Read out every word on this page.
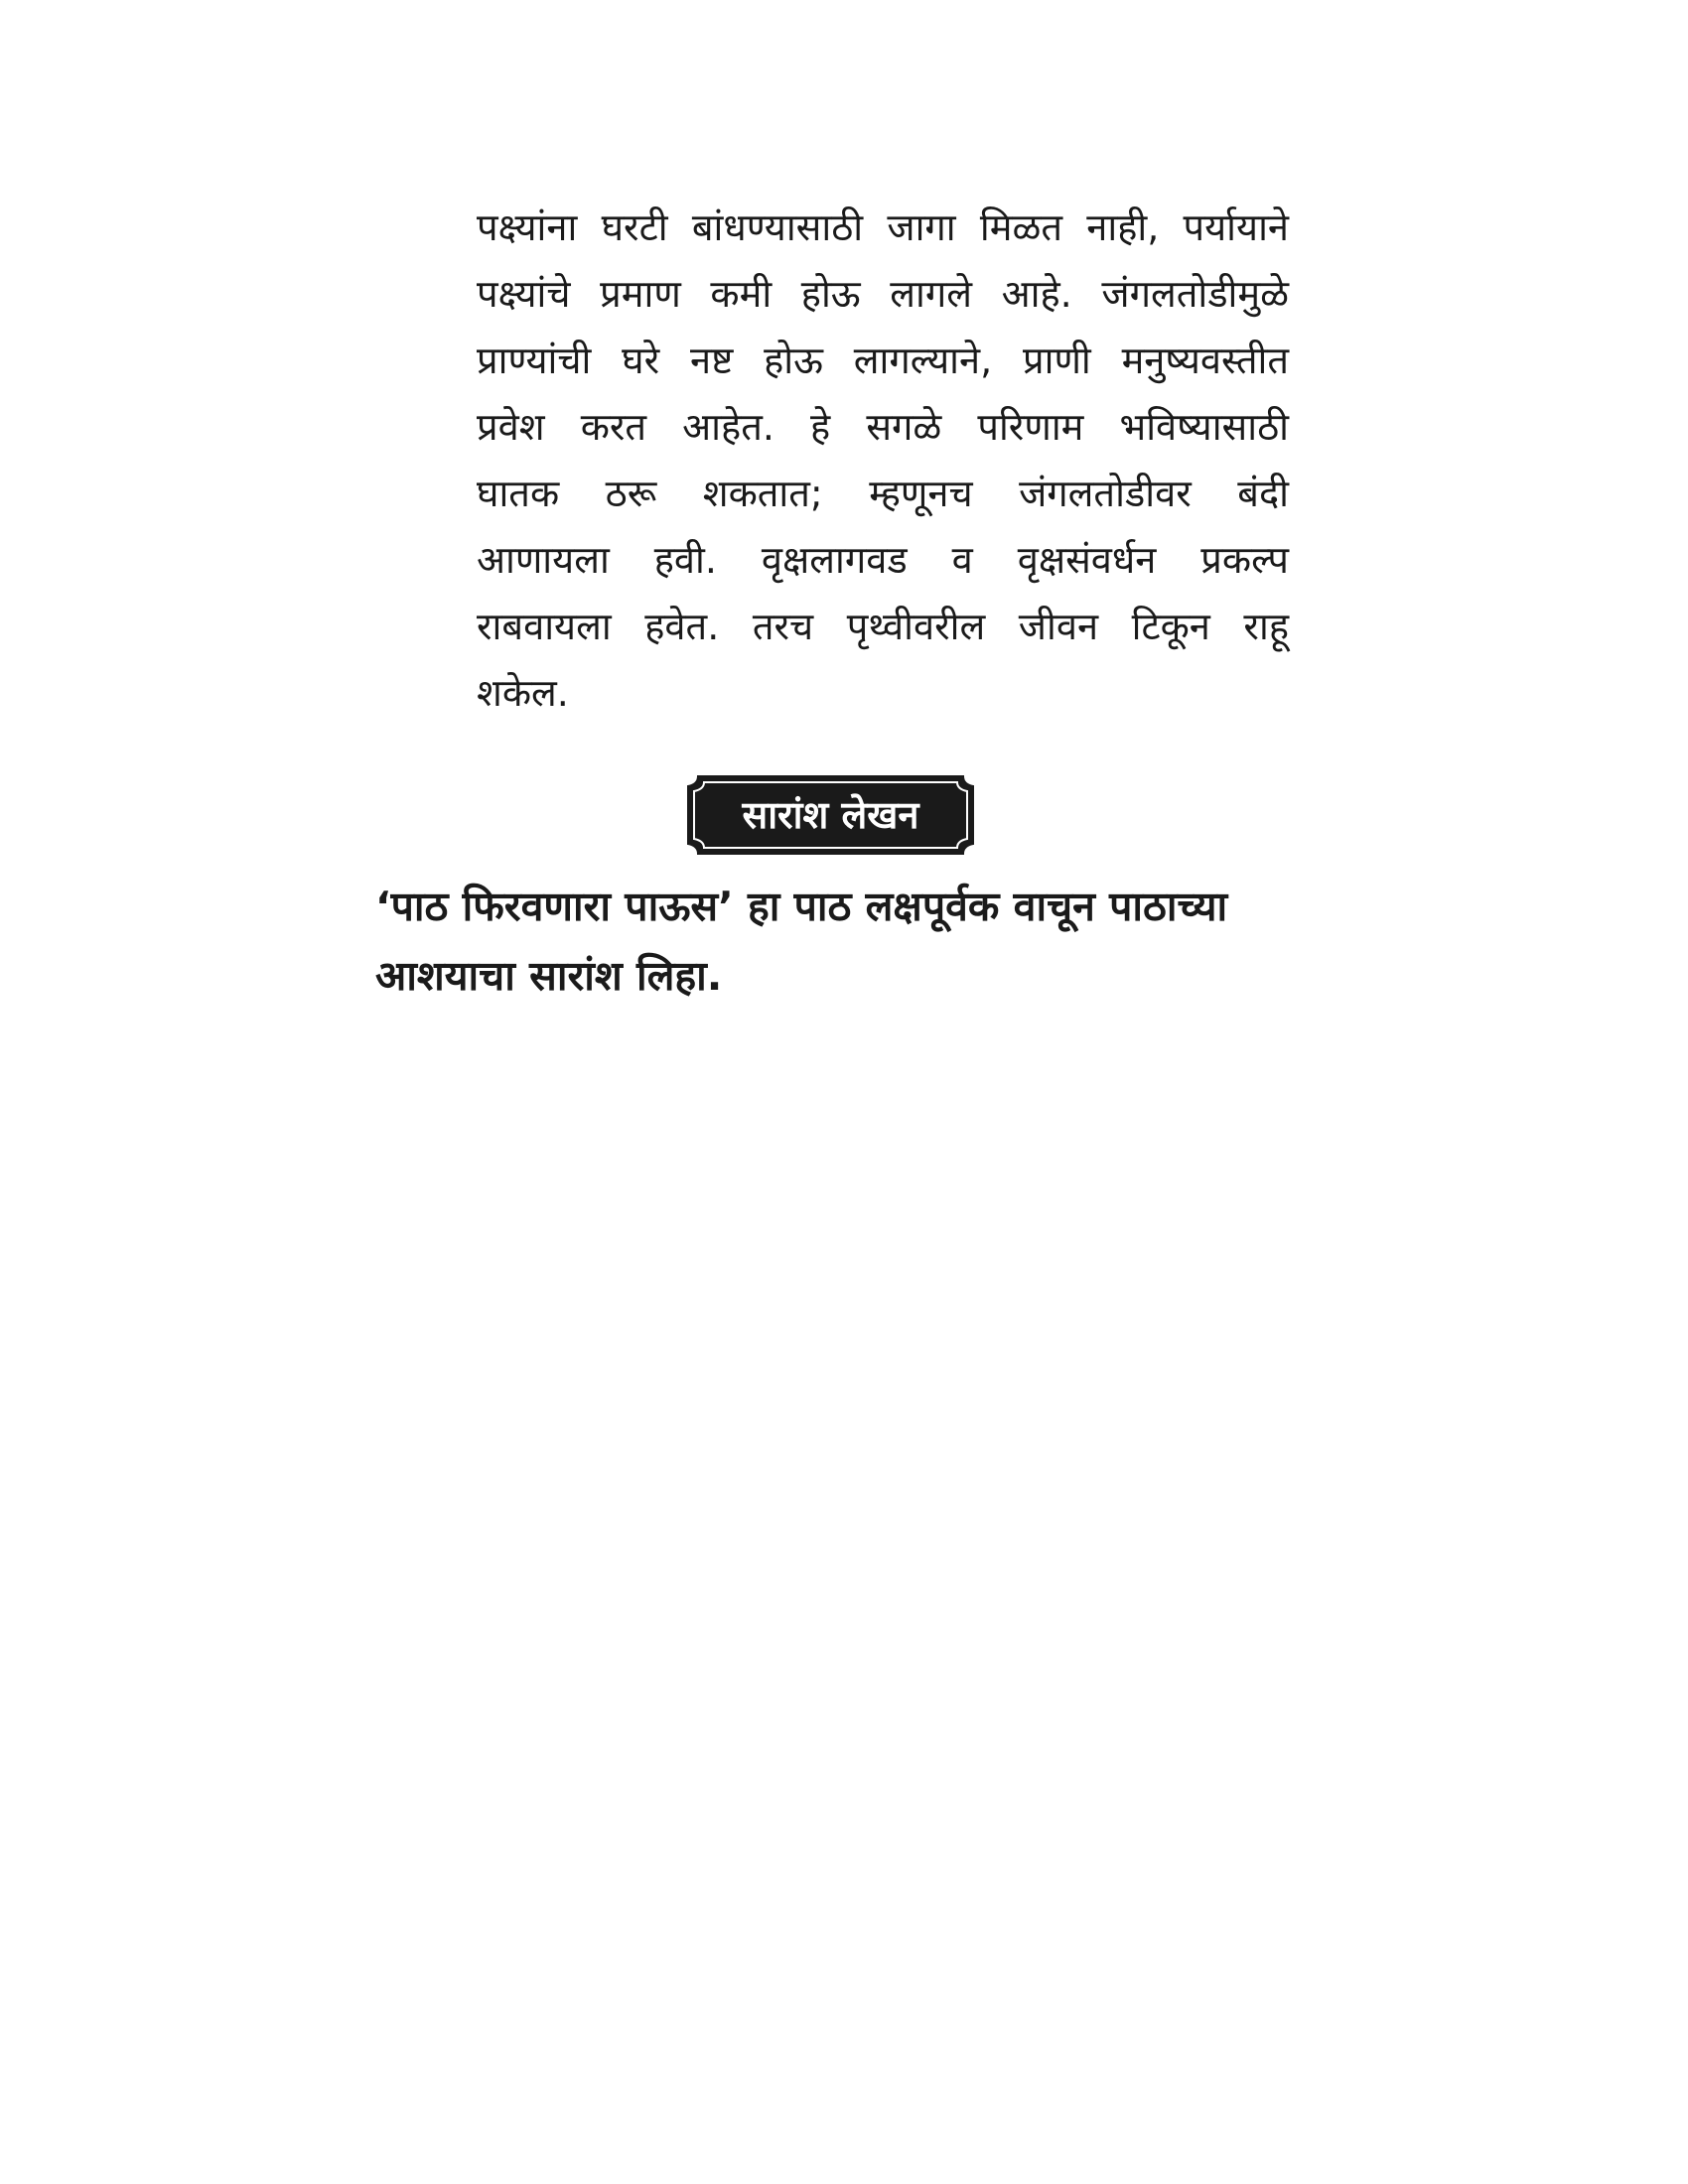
पक्ष्यांना घरटी बांधण्यासाठी जागा मिळत नाही, पर्यायाने
पक्ष्यांचे प्रमाण कमी होऊ लागले आहे. जंगलतोडीमुळे
प्राण्यांची घरे नष्ट होऊ लागल्याने, प्राणी मनुष्यवस्तीत
प्रवेश करत आहेत. हे सगळे परिणाम भविष्यासाठी
घातक ठरू शकतात; म्हणूनच जंगलतोडीवर बंदी
आणायला हवी. वृक्षलागवड व वृक्षसंवर्धन प्रकल्प
राबवायला हवेत. तरच पृथ्वीवरील जीवन टिकून राहू
शकेल.
सारांश लेखन
‘पाठ फिरवणारा पाऊस’ हा पाठ लक्षपूर्वक वाचून पाठाच्या
आशयाचा सारांश लिहा.
